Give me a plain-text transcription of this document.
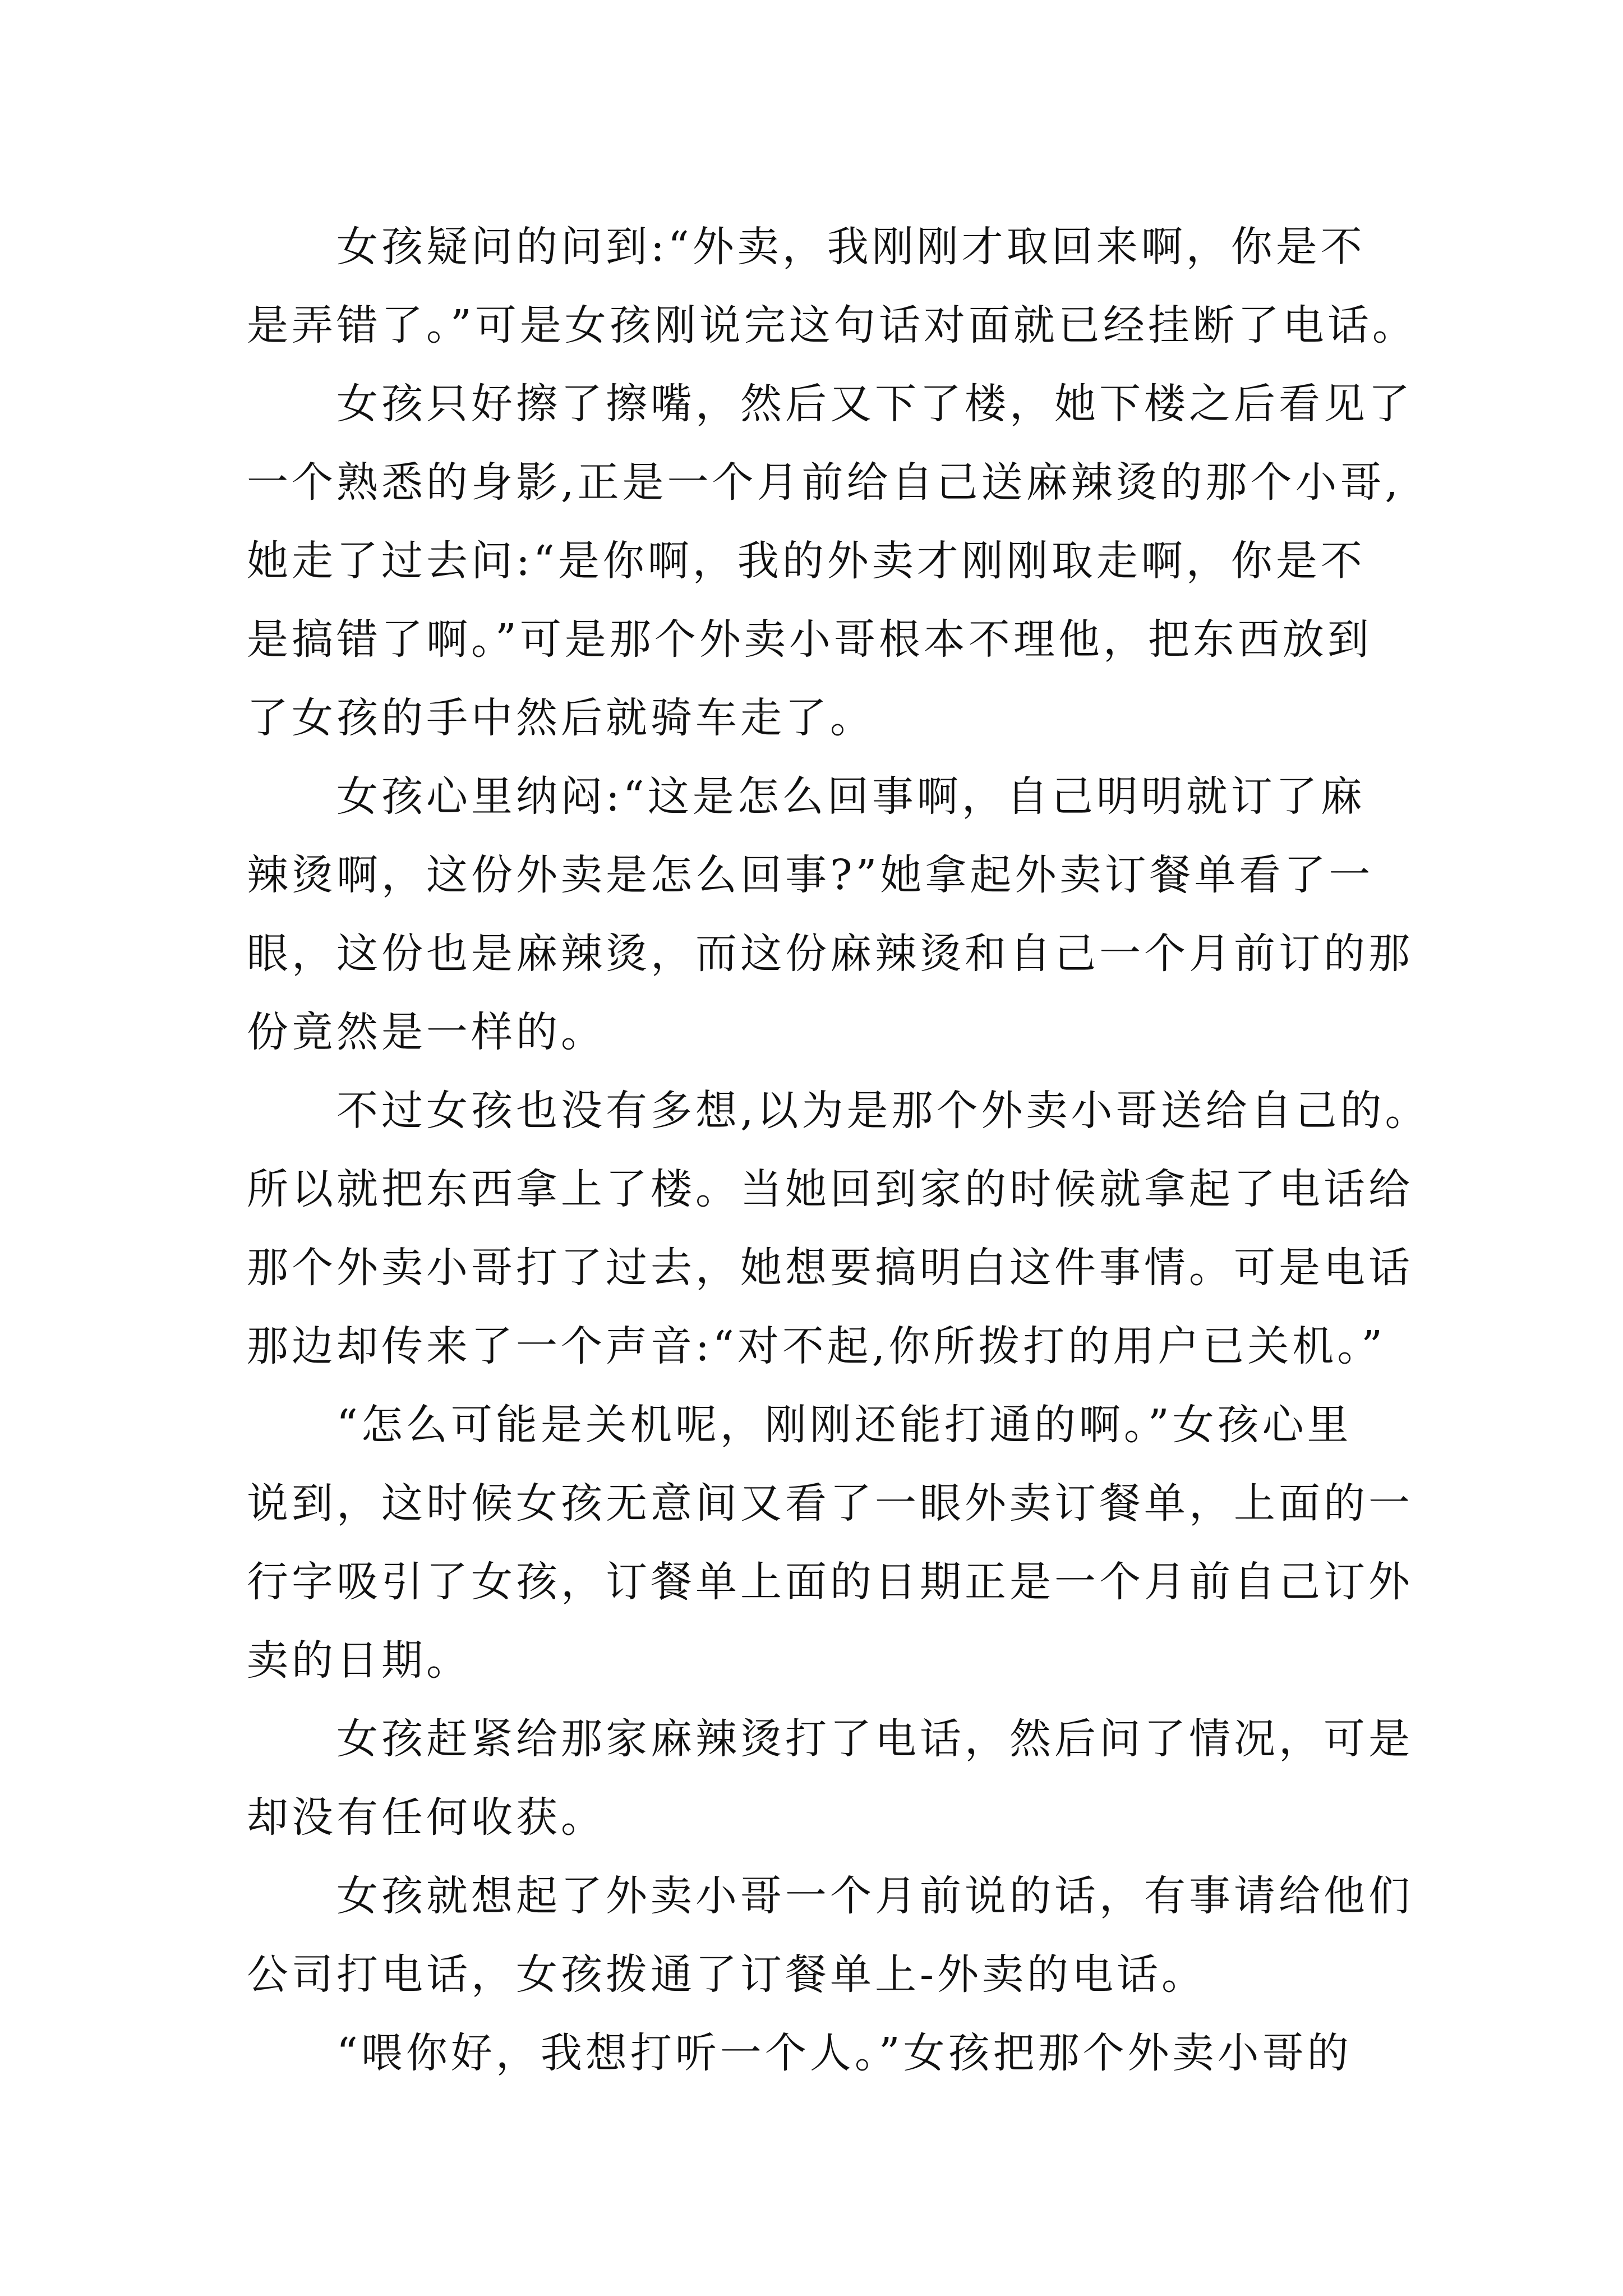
女孩疑问的问到:“外卖，我刚刚才取回来啊，你是不
是弄错了。”可是女孩刚说完这句话对面就已经挂断了电话。
女孩只好擦了擦嘴，然后又下了楼，她下楼之后看见了
一个熟悉的身影,正是一个月前给自己送麻辣烫的那个小哥,
她走了过去问:“是你啊，我的外卖才刚刚取走啊，你是不
是搞错了啊。”可是那个外卖小哥根本不理他，把东西放到
了女孩的手中然后就骑车走了。
女孩心里纳闷:“这是怎么回事啊，自己明明就订了麻
辣烫啊，这份外卖是怎么回事?”她拿起外卖订餐单看了一
眼，这份也是麻辣烫，而这份麻辣烫和自己一个月前订的那
份竟然是一样的。
不过女孩也没有多想,以为是那个外卖小哥送给自己的。
所以就把东西拿上了楼。当她回到家的时候就拿起了电话给
那个外卖小哥打了过去，她想要搞明白这件事情。可是电话
那边却传来了一个声音:“对不起,你所拨打的用户已关机。”
“怎么可能是关机呢，刚刚还能打通的啊。”女孩心里
说到，这时候女孩无意间又看了一眼外卖订餐单，上面的一
行字吸引了女孩，订餐单上面的日期正是一个月前自己订外
卖的日期。
女孩赶紧给那家麻辣烫打了电话，然后问了情况，可是
却没有任何收获。
女孩就想起了外卖小哥一个月前说的话，有事请给他们
公司打电话，女孩拨通了订餐单上-外卖的电话。
“喂你好，我想打听一个人。”女孩把那个外卖小哥的
